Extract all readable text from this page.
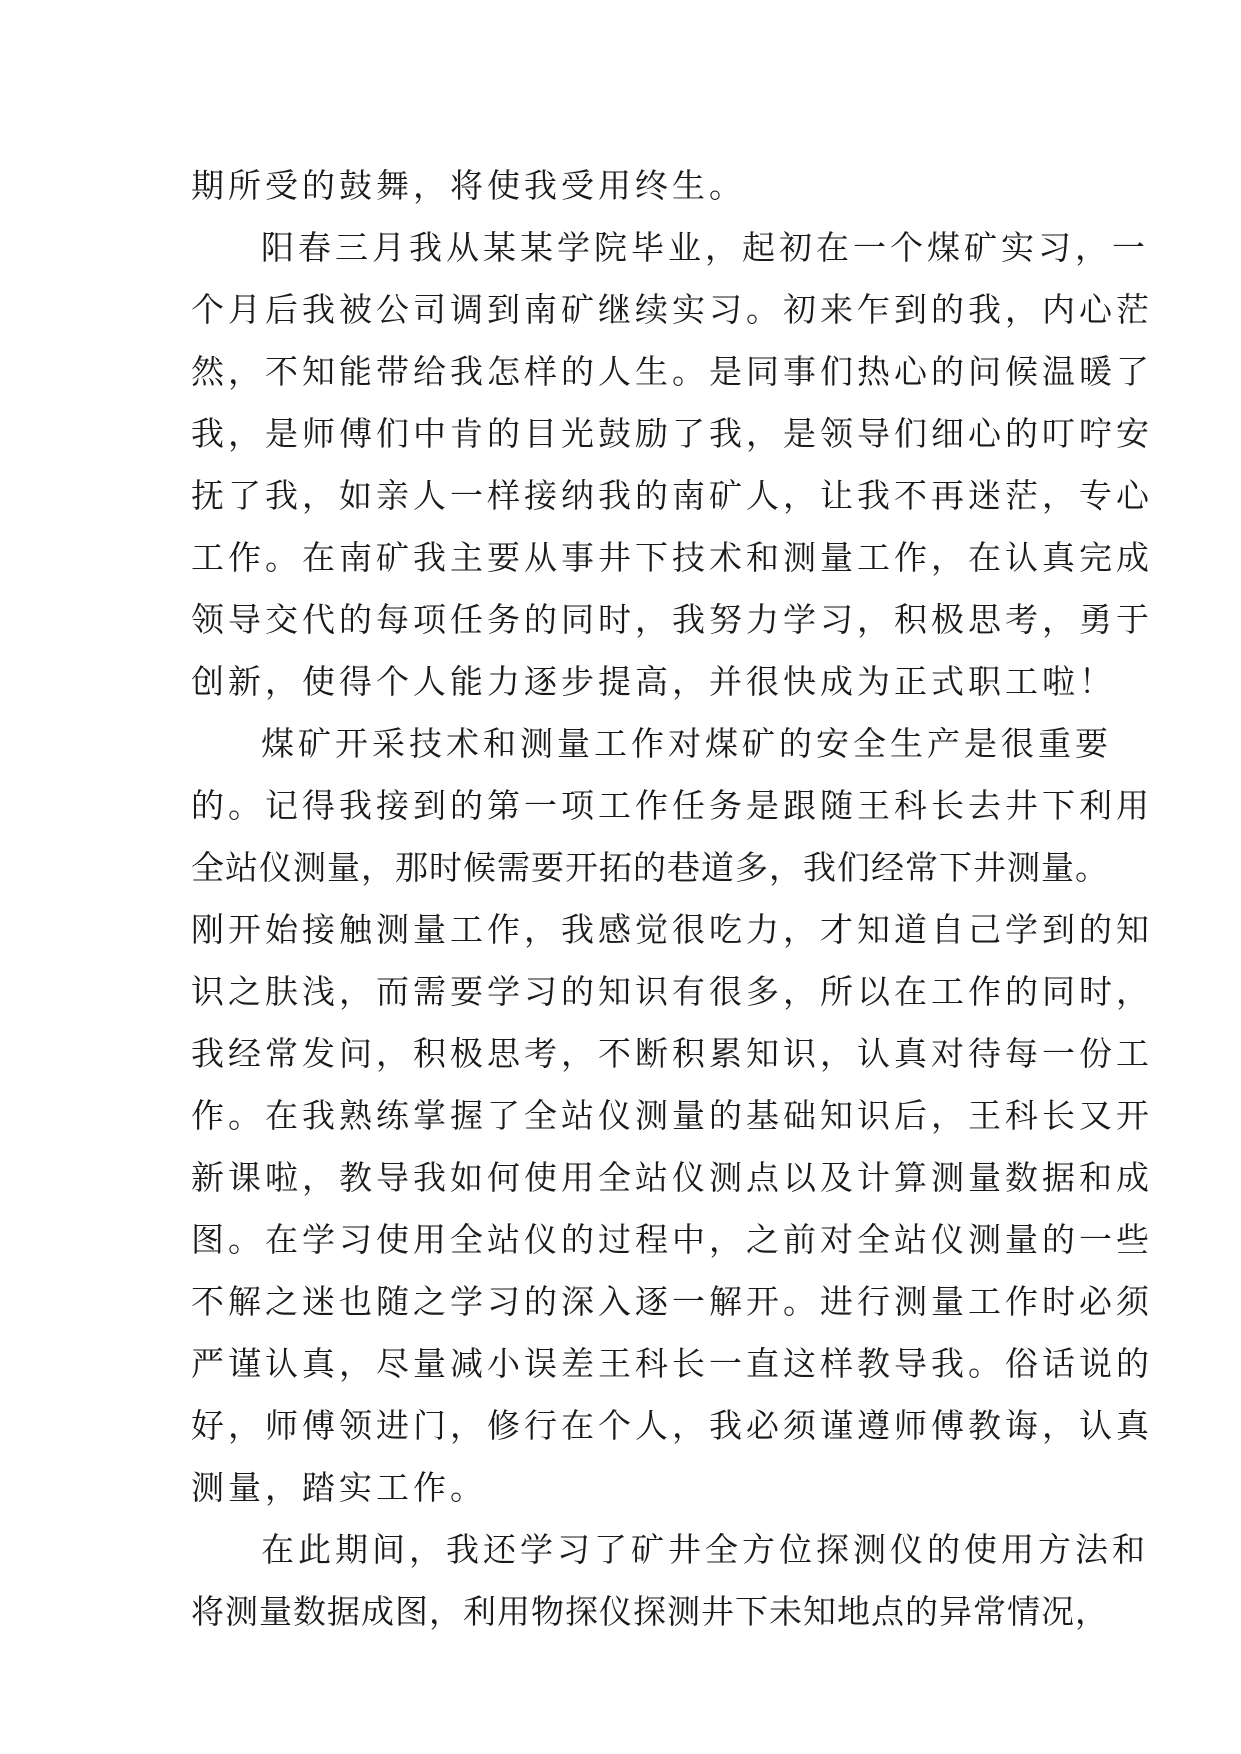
期所受的鼓舞，将使我受用终生。
阳春三月我从某某学院毕业，起初在一个煤矿实习，一
个月后我被公司调到南矿继续实习。初来乍到的我，内心茫
然，不知能带给我怎样的人生。是同事们热心的问候温暖了
我，是师傅们中肯的目光鼓励了我，是领导们细心的叮咛安
抚了我，如亲人一样接纳我的南矿人，让我不再迷茫，专心
工作。在南矿我主要从事井下技术和测量工作，在认真完成
领导交代的每项任务的同时，我努力学习，积极思考，勇于
创新，使得个人能力逐步提高，并很快成为正式职工啦！
煤矿开采技术和测量工作对煤矿的安全生产是很重要
的。记得我接到的第一项工作任务是跟随王科长去井下利用
全站仪测量，那时候需要开拓的巷道多，我们经常下井测量。
刚开始接触测量工作，我感觉很吃力，才知道自己学到的知
识之肤浅，而需要学习的知识有很多，所以在工作的同时，
我经常发问，积极思考，不断积累知识，认真对待每一份工
作。在我熟练掌握了全站仪测量的基础知识后，王科长又开
新课啦，教导我如何使用全站仪测点以及计算测量数据和成
图。在学习使用全站仪的过程中，之前对全站仪测量的一些
不解之迷也随之学习的深入逐一解开。进行测量工作时必须
严谨认真，尽量减小误差王科长一直这样教导我。俗话说的
好，师傅领进门，修行在个人，我必须谨遵师傅教诲，认真
测量，踏实工作。
在此期间，我还学习了矿井全方位探测仪的使用方法和
将测量数据成图，利用物探仪探测井下未知地点的异常情况，
